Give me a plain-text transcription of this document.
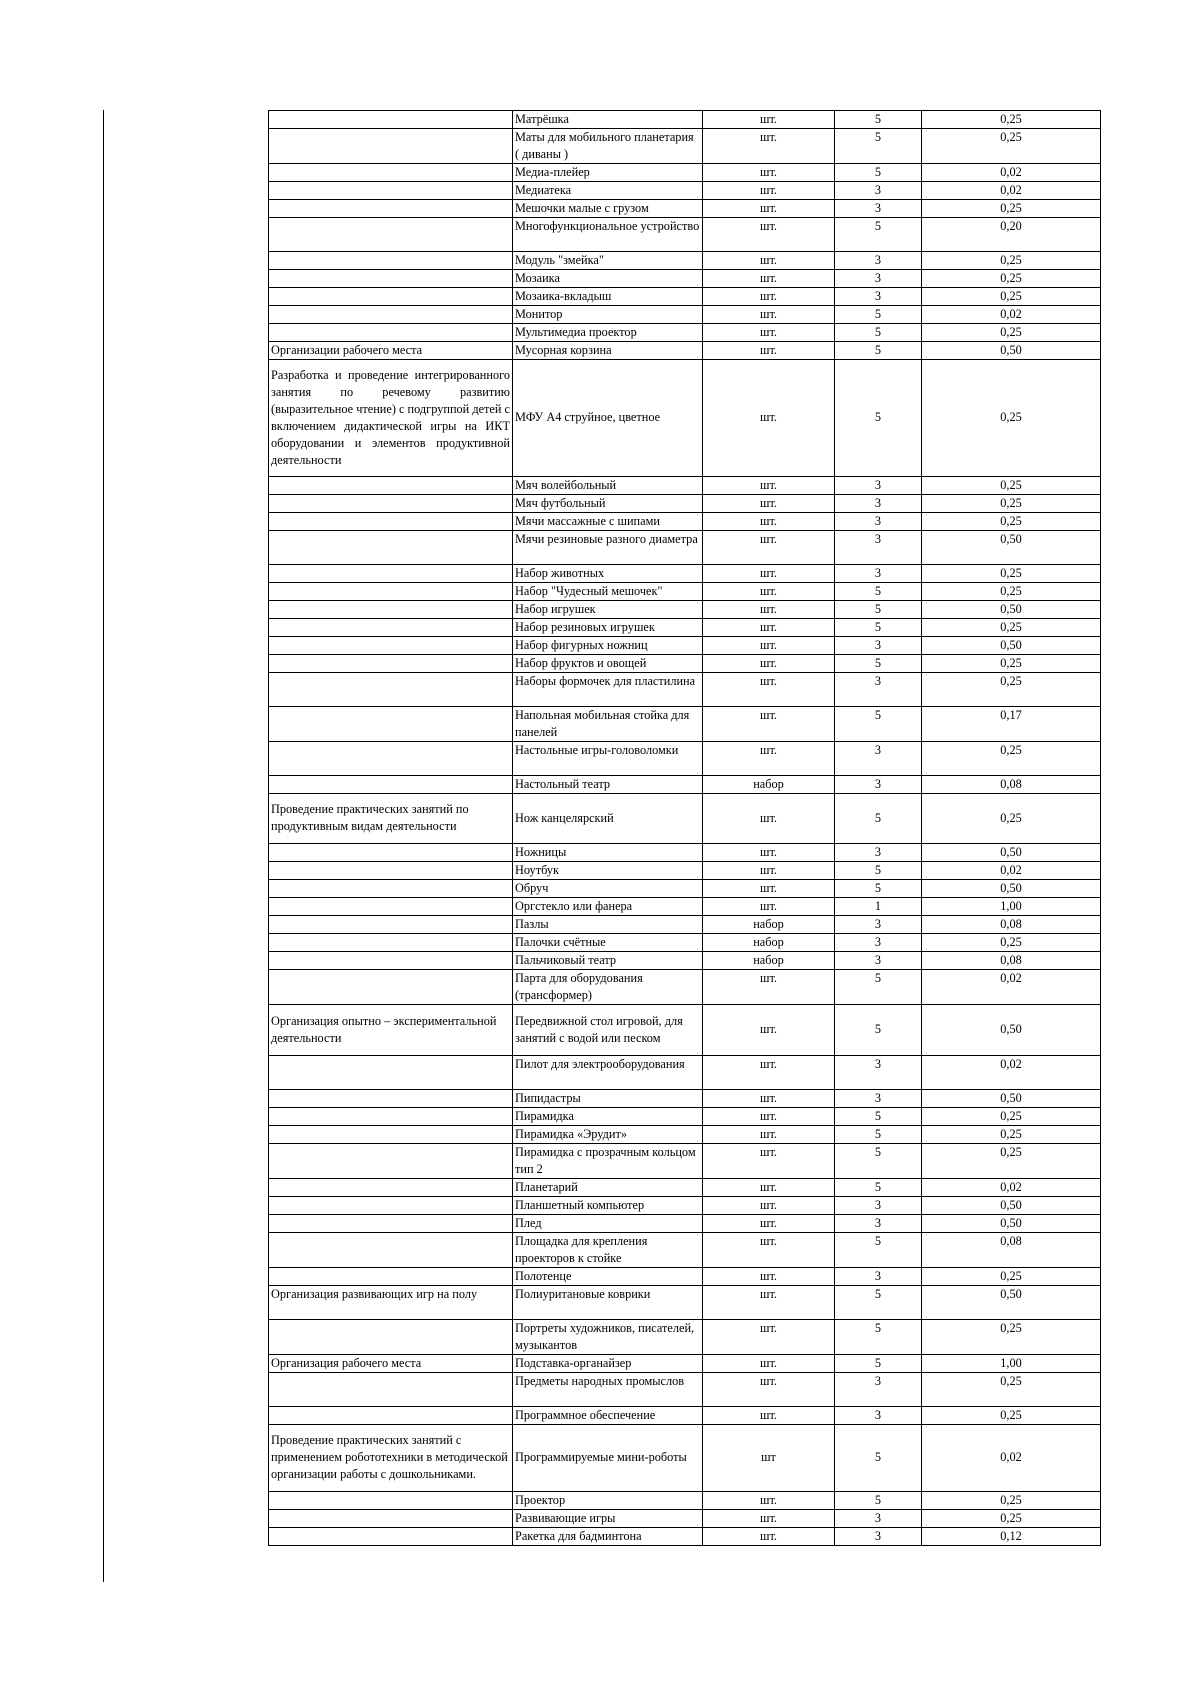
	Матрёшка	шт.	5	0,25
	Маты для мобильного планетария ( диваны )	шт.	5	0,25
	Медиа-плейер	шт.	5	0,02
	Медиатека	шт.	3	0,02
	Мешочки малые с грузом	шт.	3	0,25
	Многофункциональное устройство	шт.	5	0,20
	Модуль "змейка"	шт.	3	0,25
	Мозаика	шт.	3	0,25
	Мозаика-вкладыш	шт.	3	0,25
	Монитор	шт.	5	0,02
	Мультимедиа проектор	шт.	5	0,25
Организации рабочего места	Мусорная корзина	шт.	5	0,50
Разработка и проведение интегрированного занятия по речевому развитию (выразительное чтение) с подгруппой детей с включением дидактической игры на ИКТ оборудовании и элементов продуктивной деятельности	МФУ А4 струйное, цветное	шт.	5	0,25
	Мяч волейбольный	шт.	3	0,25
	Мяч футбольный	шт.	3	0,25
	Мячи массажные с шипами	шт.	3	0,25
	Мячи резиновые разного диаметра	шт.	3	0,50
	Набор животных	шт.	3	0,25
	Набор "Чудесный мешочек"	шт.	5	0,25
	Набор игрушек	шт.	5	0,50
	Набор резиновых игрушек	шт.	5	0,25
	Набор фигурных ножниц	шт.	3	0,50
	Набор фруктов и овощей	шт.	5	0,25
	Наборы формочек для пластилина	шт.	3	0,25
	Напольная мобильная стойка для панелей	шт.	5	0,17
	Настольные игры-головоломки	шт.	3	0,25
	Настольный театр	набор	3	0,08
Проведение практических занятий по продуктивным видам деятельности	Нож канцелярский	шт.	5	0,25
	Ножницы	шт.	3	0,50
	Ноутбук	шт.	5	0,02
	Обруч	шт.	5	0,50
	Оргстекло или фанера	шт.	1	1,00
	Пазлы	набор	3	0,08
	Палочки счётные	набор	3	0,25
	Пальчиковый театр	набор	3	0,08
	Парта для оборудования (трансформер)	шт.	5	0,02
Организация опытно – экспериментальной деятельности	Передвижной стол игровой, для занятий с водой или песком	шт.	5	0,50
	Пилот для электрооборудования	шт.	3	0,02
	Пипидастры	шт.	3	0,50
	Пирамидка	шт.	5	0,25
	Пирамидка «Эрудит»	шт.	5	0,25
	Пирамидка с прозрачным кольцом тип 2	шт.	5	0,25
	Планетарий	шт.	5	0,02
	Планшетный компьютер	шт.	3	0,50
	Плед	шт.	3	0,50
	Площадка для крепления проекторов к стойке	шт.	5	0,08
	Полотенце	шт.	3	0,25
Организация развивающих игр на полу	Полиуритановые коврики	шт.	5	0,50
	Портреты художников, писателей, музыкантов	шт.	5	0,25
Организация рабочего места	Подставка-органайзер	шт.	5	1,00
	Предметы народных промыслов	шт.	3	0,25
	Программное обеспечение	шт.	3	0,25
Проведение практических занятий с применением робототехники в методической организации работы с дошкольниками.	Программируемые мини-роботы	шт	5	0,02
	Проектор	шт.	5	0,25
	Развивающие игры	шт.	3	0,25
	Ракетка для бадминтона	шт.	3	0,12
